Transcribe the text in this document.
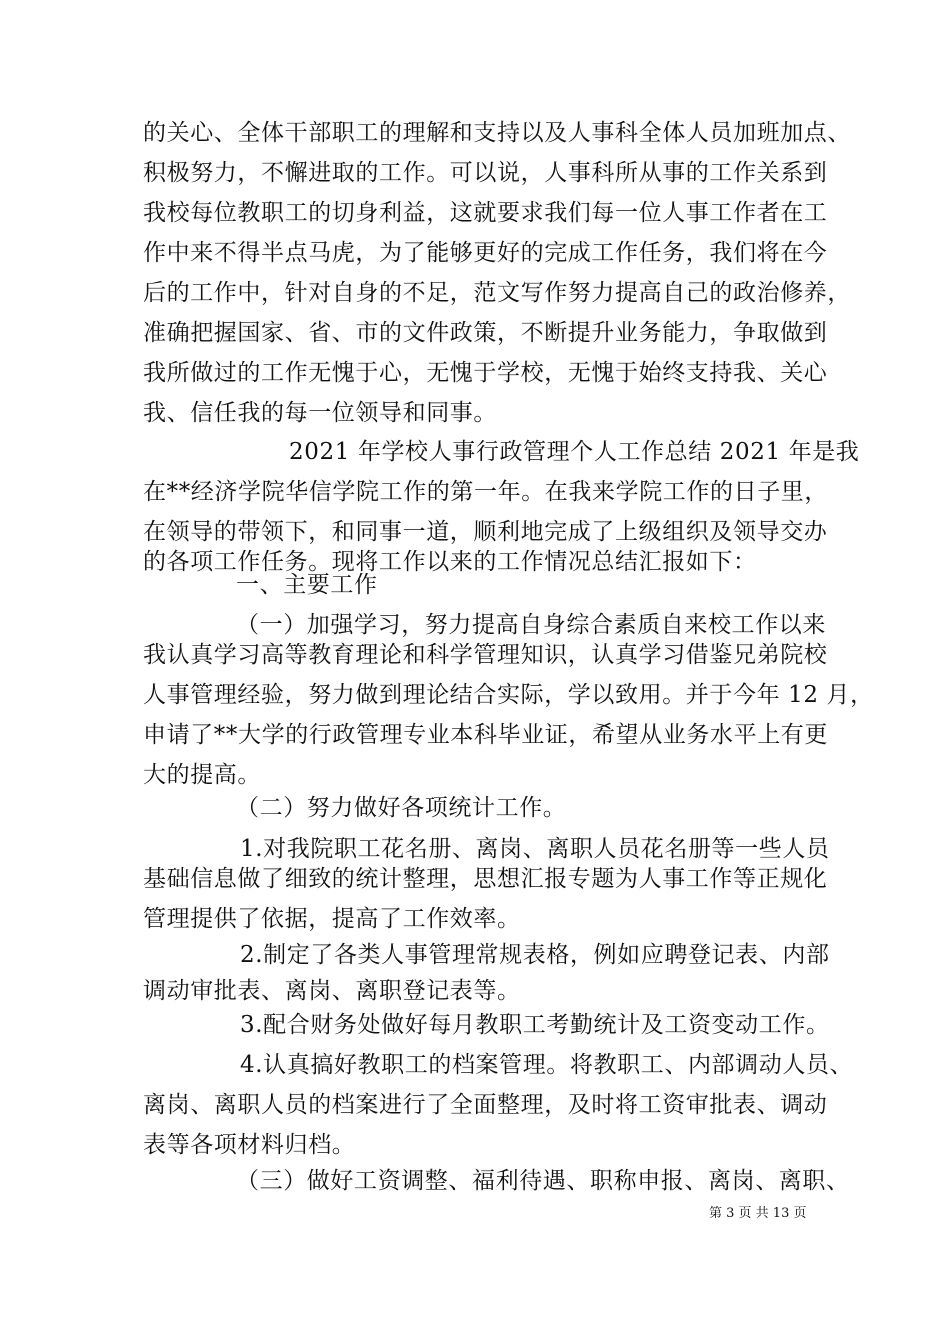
的关心、全体干部职工的理解和支持以及人事科全体人员加班加点、
积极努力，不懈进取的工作。可以说，人事科所从事的工作关系到
我校每位教职工的切身利益，这就要求我们每一位人事工作者在工
作中来不得半点马虎，为了能够更好的完成工作任务，我们将在今
后的工作中，针对自身的不足，范文写作努力提高自己的政治修养，
准确把握国家、省、市的文件政策，不断提升业务能力，争取做到
我所做过的工作无愧于心，无愧于学校，无愧于始终支持我、关心
我、信任我的每一位领导和同事。
2021 年学校人事行政管理个人工作总结 2021 年是我
在**经济学院华信学院工作的第一年。在我来学院工作的日子里，
在领导的带领下，和同事一道，顺利地完成了上级组织及领导交办
的各项工作任务。现将工作以来的工作情况总结汇报如下：
一、主要工作
（一）加强学习，努力提高自身综合素质自来校工作以来
我认真学习高等教育理论和科学管理知识，认真学习借鉴兄弟院校
人事管理经验，努力做到理论结合实际，学以致用。并于今年 12 月，
申请了**大学的行政管理专业本科毕业证，希望从业务水平上有更
大的提高。
（二）努力做好各项统计工作。
1.对我院职工花名册、离岗、离职人员花名册等一些人员
基础信息做了细致的统计整理，思想汇报专题为人事工作等正规化
管理提供了依据，提高了工作效率。
2.制定了各类人事管理常规表格，例如应聘登记表、内部
调动审批表、离岗、离职登记表等。
3.配合财务处做好每月教职工考勤统计及工资变动工作。
4.认真搞好教职工的档案管理。将教职工、内部调动人员、
离岗、离职人员的档案进行了全面整理，及时将工资审批表、调动
表等各项材料归档。
（三）做好工资调整、福利待遇、职称申报、离岗、离职、
第 3 页 共 13 页
